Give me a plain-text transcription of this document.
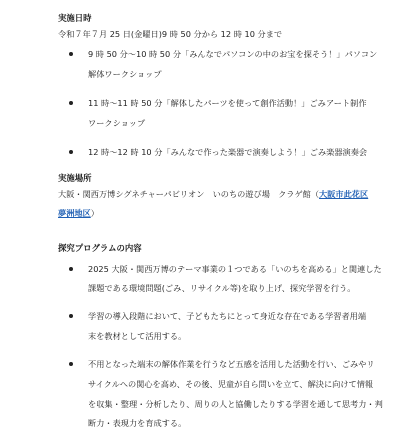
実施日時
令和７年７月 25 日(金曜日)9 時 50 分から 12 時 10 分まで
9 時 50 分～10 時 50 分「みんなでパソコンの中のお宝を探そう！」パソコン
解体ワークショップ
11 時～11 時 50 分「解体したパーツを使って創作活動！」ごみアート制作
ワークショップ
12 時～12 時 10 分「みんなで作った楽器で演奏しよう！」ごみ楽器演奏会
実施場所
大阪・関西万博シグネチャーパビリオン　いのちの遊び場　クラゲ館（大阪市此花区
夢洲地区）
探究プログラムの内容
2025 大阪・関西万博のテーマ事業の１つである「いのちを高める」と関連した
課題である環境問題(ごみ、リサイクル等)を取り上げ、探究学習を行う。
学習の導入段階において、子どもたちにとって身近な存在である学習者用端
末を教材として活用する。
不用となった端末の解体作業を行うなど五感を活用した活動を行い、ごみやリ
サイクルへの関心を高め、その後、児童が自ら問いを立て、解決に向けて情報
を収集・整理・分析したり、周りの人と協働したりする学習を通して思考力・判
断力・表現力を育成する。
